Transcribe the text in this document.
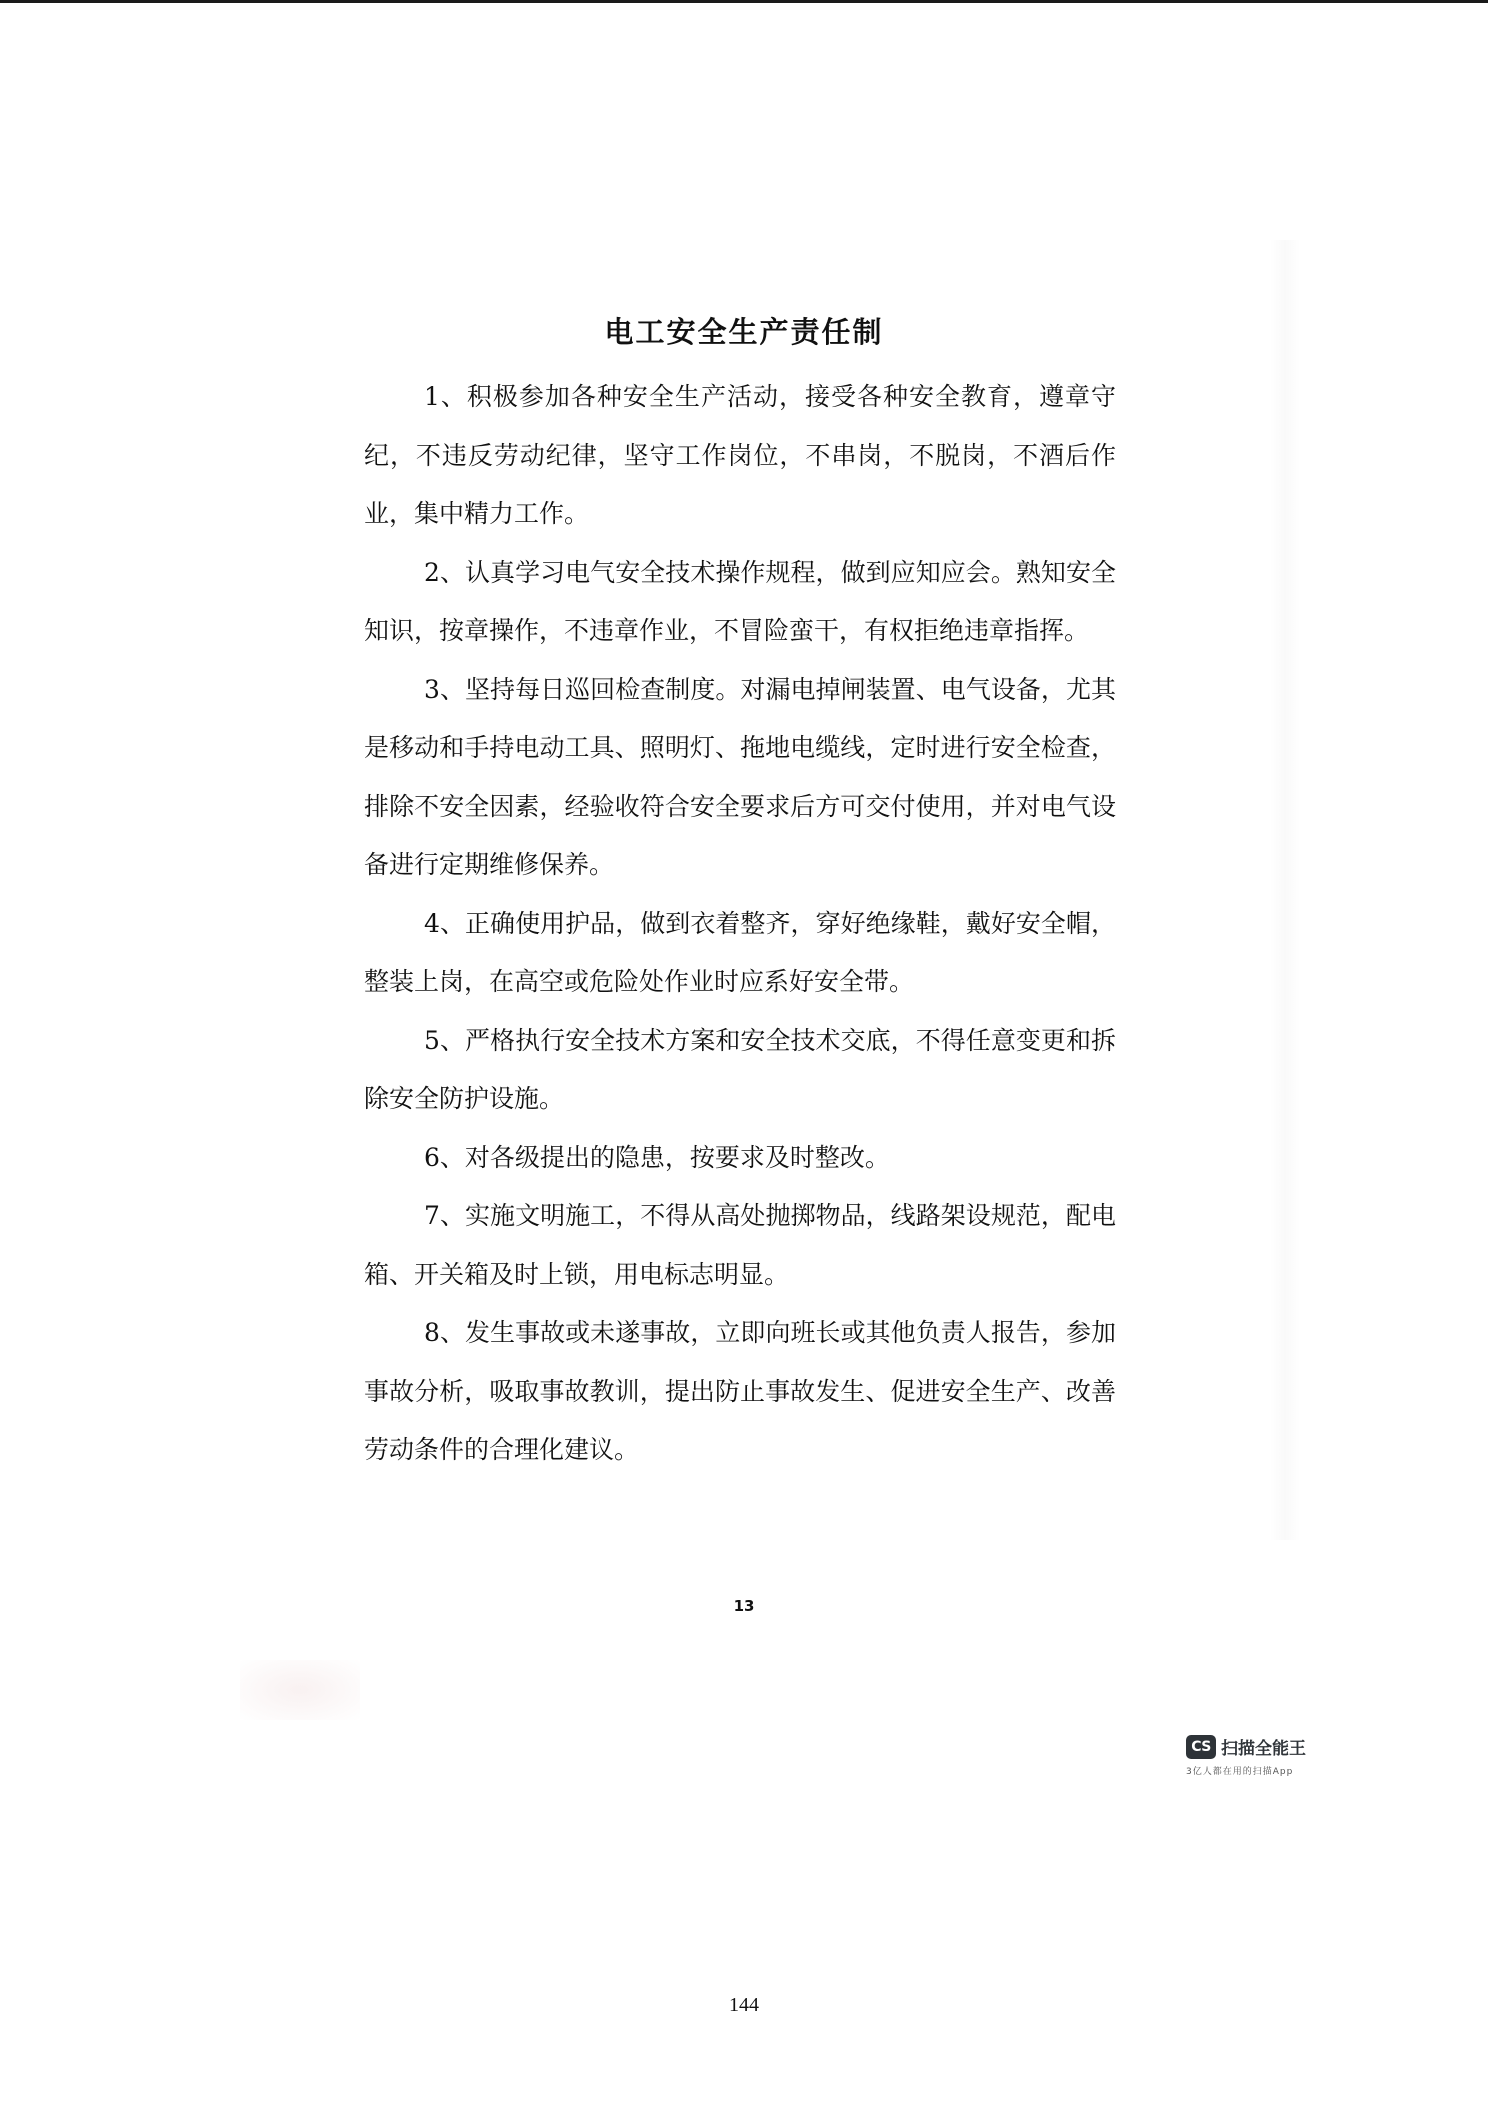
电工安全生产责任制

1、积极参加各种安全生产活动，接受各种安全教育，遵章守纪，不违反劳动纪律，坚守工作岗位，不串岗，不脱岗，不酒后作业，集中精力工作。

2、认真学习电气安全技术操作规程，做到应知应会。熟知安全知识，按章操作，不违章作业，不冒险蛮干，有权拒绝违章指挥。

3、坚持每日巡回检查制度。对漏电掉闸装置、电气设备，尤其是移动和手持电动工具、照明灯、拖地电缆线，定时进行安全检查，排除不安全因素，经验收符合安全要求后方可交付使用，并对电气设备进行定期维修保养。

4、正确使用护品，做到衣着整齐，穿好绝缘鞋，戴好安全帽，整装上岗，在高空或危险处作业时应系好安全带。

5、严格执行安全技术方案和安全技术交底，不得任意变更和拆除安全防护设施。

6、对各级提出的隐患，按要求及时整改。

7、实施文明施工，不得从高处抛掷物品，线路架设规范，配电箱、开关箱及时上锁，用电标志明显。

8、发生事故或未遂事故，立即向班长或其他负责人报告，参加事故分析，吸取事故教训，提出防止事故发生、促进安全生产、改善劳动条件的合理化建议。

13
CS 扫描全能王
3亿人都在用的扫描App
144
